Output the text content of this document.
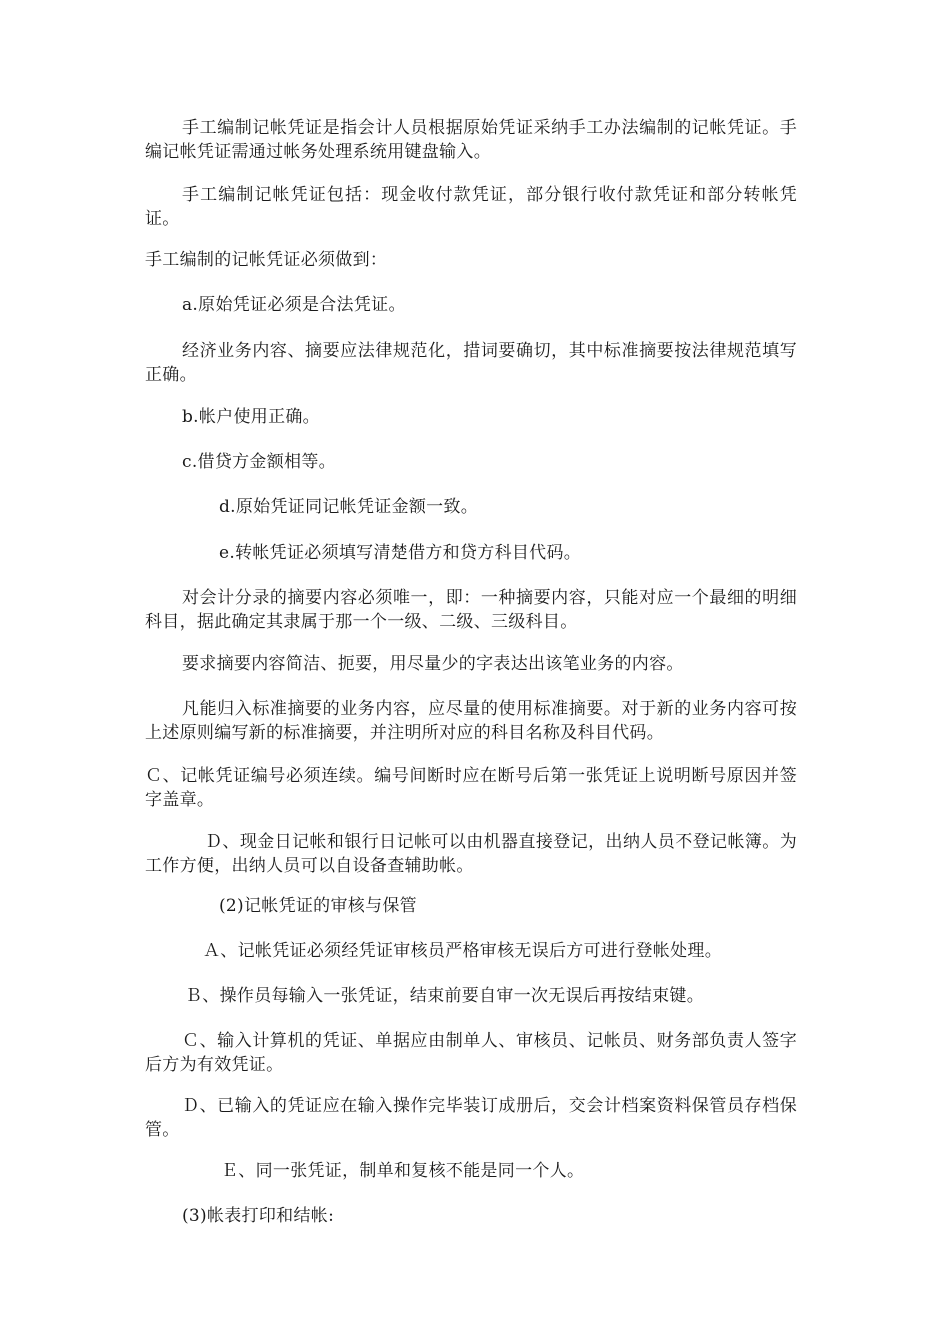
手工编制记帐凭证是指会计人员根据原始凭证采纳手工办法编制的记帐凭证。手编记帐凭证需通过帐务处理系统用键盘输入。

手工编制记帐凭证包括：现金收付款凭证，部分银行收付款凭证和部分转帐凭证。

手工编制的记帐凭证必须做到：

a.原始凭证必须是合法凭证。

经济业务内容、摘要应法律规范化，措词要确切，其中标准摘要按法律规范填写正确。

b.帐户使用正确。

c.借贷方金额相等。

d.原始凭证同记帐凭证金额一致。

e.转帐凭证必须填写清楚借方和贷方科目代码。

对会计分录的摘要内容必须唯一，即：一种摘要内容，只能对应一个最细的明细科目，据此确定其隶属于那一个一级、二级、三级科目。

要求摘要内容简洁、扼要，用尽量少的字表达出该笔业务的内容。

凡能归入标准摘要的业务内容，应尽量的使用标准摘要。对于新的业务内容可按上述原则编写新的标准摘要，并注明所对应的科目名称及科目代码。

Ｃ、记帐凭证编号必须连续。编号间断时应在断号后第一张凭证上说明断号原因并签字盖章。

Ｄ、现金日记帐和银行日记帐可以由机器直接登记，出纳人员不登记帐簿。为工作方便，出纳人员可以自设备查辅助帐。

(2)记帐凭证的审核与保管

Ａ、记帐凭证必须经凭证审核员严格审核无误后方可进行登帐处理。

Ｂ、操作员每输入一张凭证，结束前要自审一次无误后再按结束键。

Ｃ、输入计算机的凭证、单据应由制单人、审核员、记帐员、财务部负责人签字后方为有效凭证。

Ｄ、已输入的凭证应在输入操作完毕装订成册后，交会计档案资料保管员存档保管。

Ｅ、同一张凭证，制单和复核不能是同一个人。

(3)帐表打印和结帐:
